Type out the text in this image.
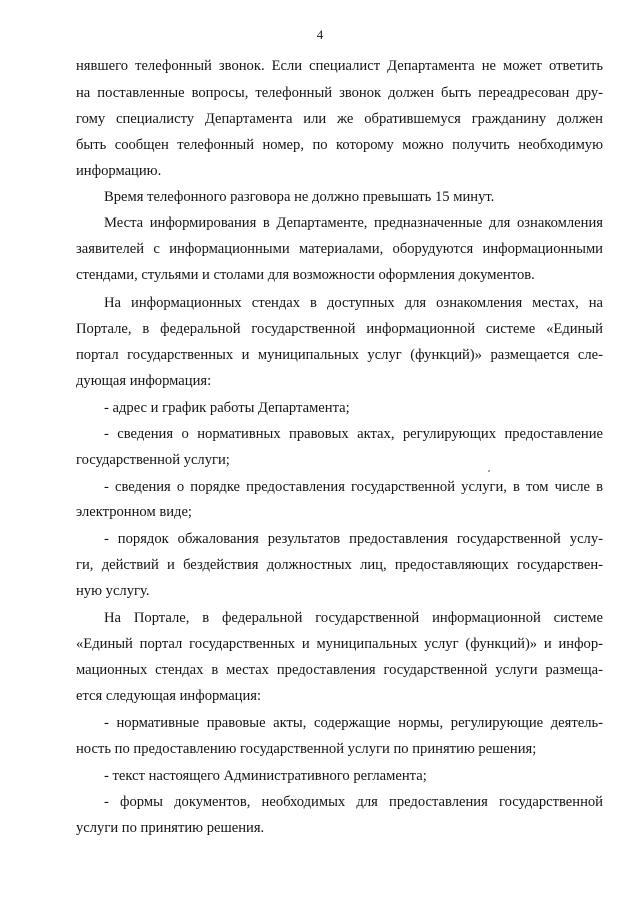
4
нявшего телефонный звонок. Если специалист Департамента не может ответить
на поставленные вопросы, телефонный звонок должен быть переадресован дру-
гому специалисту Департамента или же обратившемуся гражданину должен
быть сообщен телефонный номер, по которому можно получить необходимую
информацию.
Время телефонного разговора не должно превышать 15 минут.
Места информирования в Департаменте, предназначенные для ознакомления
заявителей с информационными материалами, оборудуются информационными
стендами, стульями и столами для возможности оформления документов.
На информационных стендах в доступных для ознакомления местах, на
Портале, в федеральной государственной информационной системе «Единый
портал государственных и муниципальных услуг (функций)» размещается сле-
дующая информация:
- адрес и график работы Департамента;
- сведения о нормативных правовых актах, регулирующих предоставление
государственной услуги;
- сведения о порядке предоставления государственной услуги, в том числе в
электронном виде;
- порядок обжалования результатов предоставления государственной услу-
ги, действий и бездействия должностных лиц, предоставляющих государствен-
ную услугу.
На Портале, в федеральной государственной информационной системе
«Единый портал государственных и муниципальных услуг (функций)» и инфор-
мационных стендах в местах предоставления государственной услуги размеща-
ется следующая информация:
- нормативные правовые акты, содержащие нормы, регулирующие деятель-
ность по предоставлению государственной услуги по принятию решения;
- текст настоящего Административного регламента;
- формы документов, необходимых для предоставления государственной
услуги по принятию решения.
